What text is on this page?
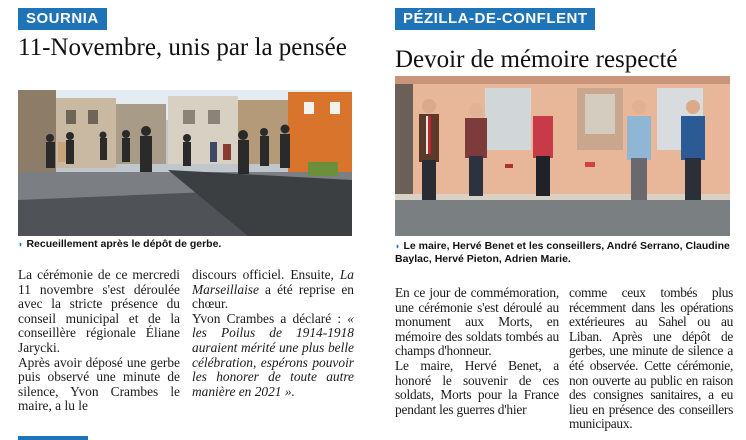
SOURNIA
11-Novembre, unis par la pensée
◗ Recueillement après le dépôt de gerbe.

La cérémonie de ce mercredi 11 novembre s'est déroulée avec la stricte présence du conseil municipal et de la conseillère régionale Éliane Jarycki.

Après avoir déposé une gerbe puis observé une minute de silence, Yvon Crambes le maire, a lu le

discours officiel. Ensuite, La Marseillaise a été reprise en chœur.

Yvon Crambes a déclaré : « les Poilus de 1914-1918 auraient mérité une plus belle célébration, espérons pouvoir les honorer de toute autre manière en 2021 ».

PÉZILLA-DE-CONFLENT
Devoir de mémoire respecté
◗ Le maire, Hervé Benet et les conseillers, André Serrano, Claudine Baylac, Hervé Pieton, Adrien Marie.

En ce jour de commémoration, une cérémonie s'est déroulé au monument aux Morts, en mémoire des soldats tombés au champs d'honneur.

Le maire, Hervé Benet, a honoré le souvenir de ces soldats, Morts pour la France pendant les guerres d'hier

comme ceux tombés plus récemment dans les opérations extérieures au Sahel ou au Liban. Après une dépôt de gerbes, une minute de silence a été observée. Cette cérémonie, non ouverte au public en raison des consignes sanitaires, a eu lieu en présence des conseillers municipaux.
